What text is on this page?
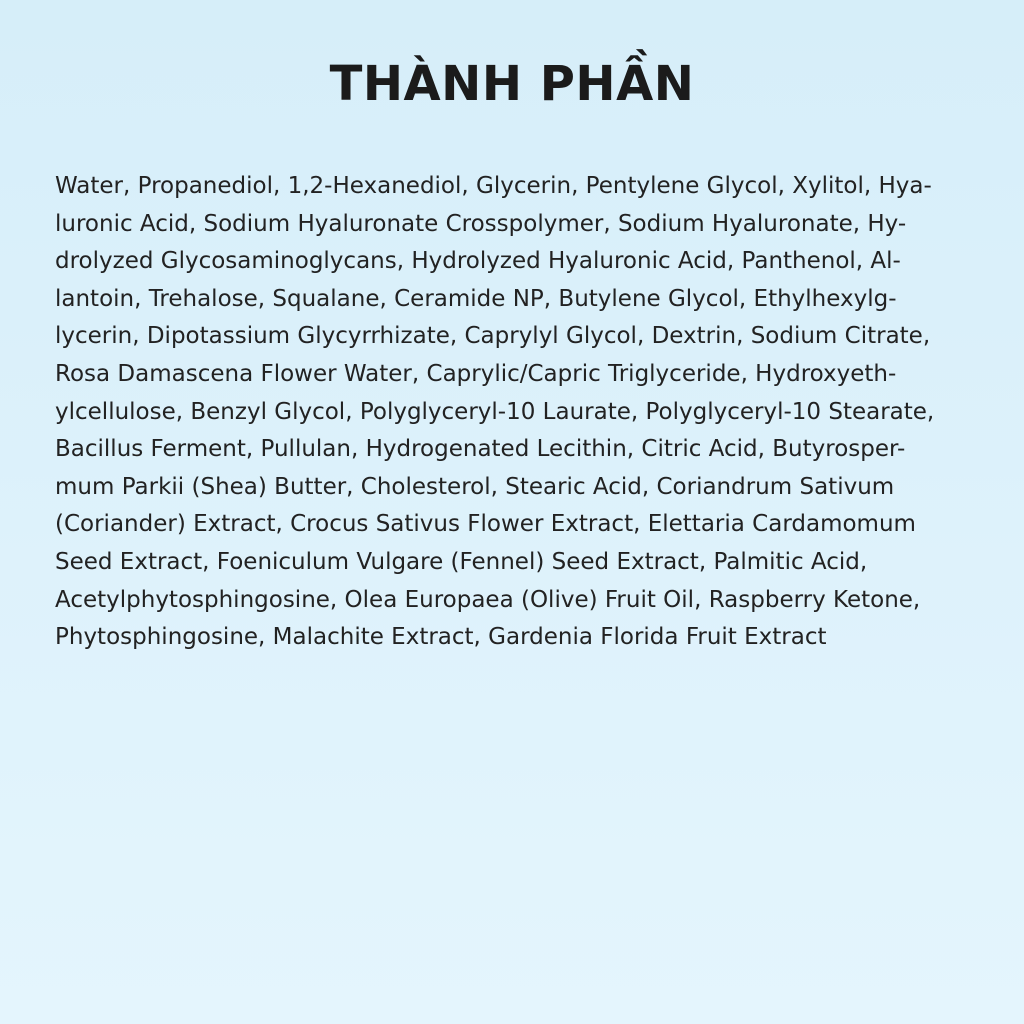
THÀNH PHẦN
Water, Propanediol, 1,2-Hexanediol, Glycerin, Pentylene Glycol, Xylitol, Hya-
luronic Acid, Sodium Hyaluronate Crosspolymer, Sodium Hyaluronate, Hy-
drolyzed Glycosaminoglycans, Hydrolyzed Hyaluronic Acid, Panthenol, Al-
lantoin, Trehalose, Squalane, Ceramide NP, Butylene Glycol, Ethylhexylg-
lycerin, Dipotassium Glycyrrhizate, Caprylyl Glycol, Dextrin, Sodium Citrate,
Rosa Damascena Flower Water, Caprylic/Capric Triglyceride, Hydroxyeth-
ylcellulose, Benzyl Glycol, Polyglyceryl-10 Laurate, Polyglyceryl-10 Stearate,
Bacillus Ferment, Pullulan, Hydrogenated Lecithin, Citric Acid, Butyrosper-
mum Parkii (Shea) Butter, Cholesterol, Stearic Acid, Coriandrum Sativum
(Coriander) Extract, Crocus Sativus Flower Extract, Elettaria Cardamomum
Seed Extract, Foeniculum Vulgare (Fennel) Seed Extract, Palmitic Acid,
Acetylphytosphingosine, Olea Europaea (Olive) Fruit Oil, Raspberry Ketone,
Phytosphingosine, Malachite Extract, Gardenia Florida Fruit Extract
